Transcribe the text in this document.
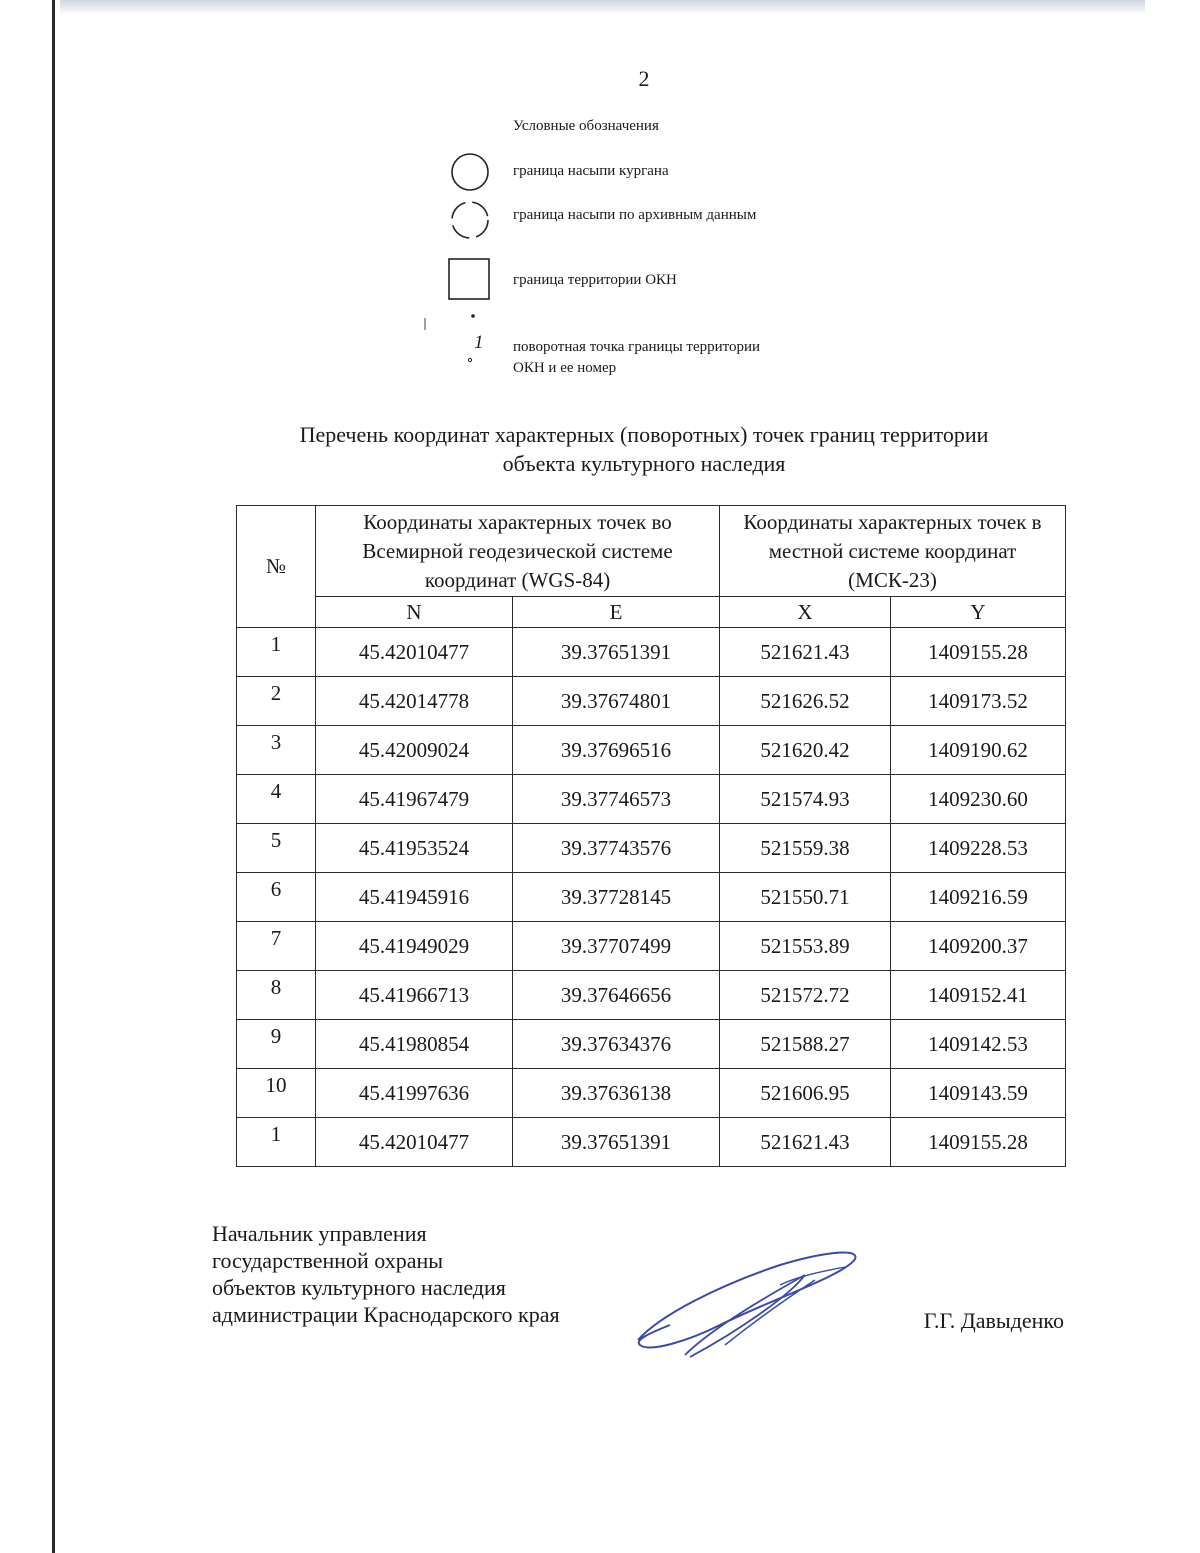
2
Условные обозначения
граница насыпи кургана
граница насыпи по архивным данным
граница территории ОКН
1 поворотная точка границы территории
ОКН и ее номер
Перечень координат характерных (поворотных) точек границ территории
объекта культурного наследия
№	Координаты характерных точек во Всемирной геодезической системе координат (WGS-84)		Координаты характерных точек в местной системе координат (МСК-23)	
	N	E	X	Y
1	45.42010477	39.37651391	521621.43	1409155.28
2	45.42014778	39.37674801	521626.52	1409173.52
3	45.42009024	39.37696516	521620.42	1409190.62
4	45.41967479	39.37746573	521574.93	1409230.60
5	45.41953524	39.37743576	521559.38	1409228.53
6	45.41945916	39.37728145	521550.71	1409216.59
7	45.41949029	39.37707499	521553.89	1409200.37
8	45.41966713	39.37646656	521572.72	1409152.41
9	45.41980854	39.37634376	521588.27	1409142.53
10	45.41997636	39.37636138	521606.95	1409143.59
1	45.42010477	39.37651391	521621.43	1409155.28
Начальник управления
государственной охраны
объектов культурного наследия
администрации Краснодарского края	Г.Г. Давыденко
